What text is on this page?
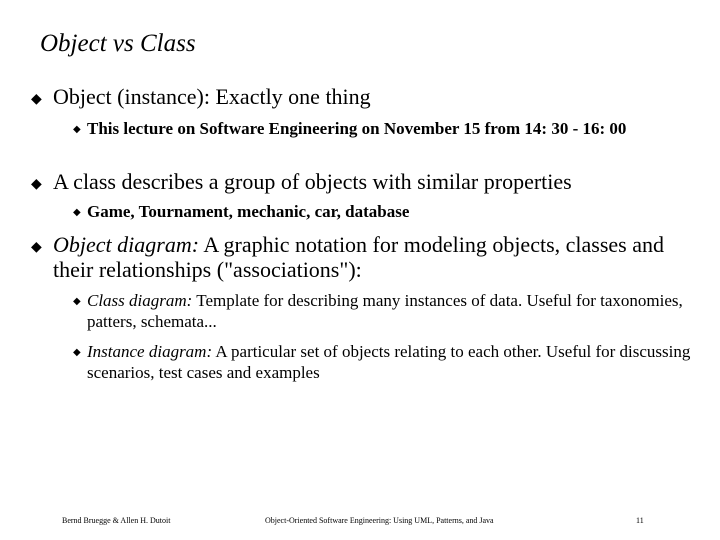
Object vs Class
◆ Object (instance): Exactly one thing
◆ This lecture on Software Engineering on November 15 from 14: 30 - 16: 00
◆ A class describes a group of objects with similar properties
◆ Game, Tournament, mechanic, car, database
◆ Object diagram: A graphic notation for modeling objects, classes and their relationships ("associations"):
◆ Class diagram: Template for describing many instances of data. Useful for taxonomies, patters, schemata...
◆ Instance diagram: A particular set of objects relating to each other. Useful for discussing scenarios, test cases and examples
Bernd Bruegge & Allen H. Dutoit	Object-Oriented Software Engineering: Using UML, Patterns, and Java	11
